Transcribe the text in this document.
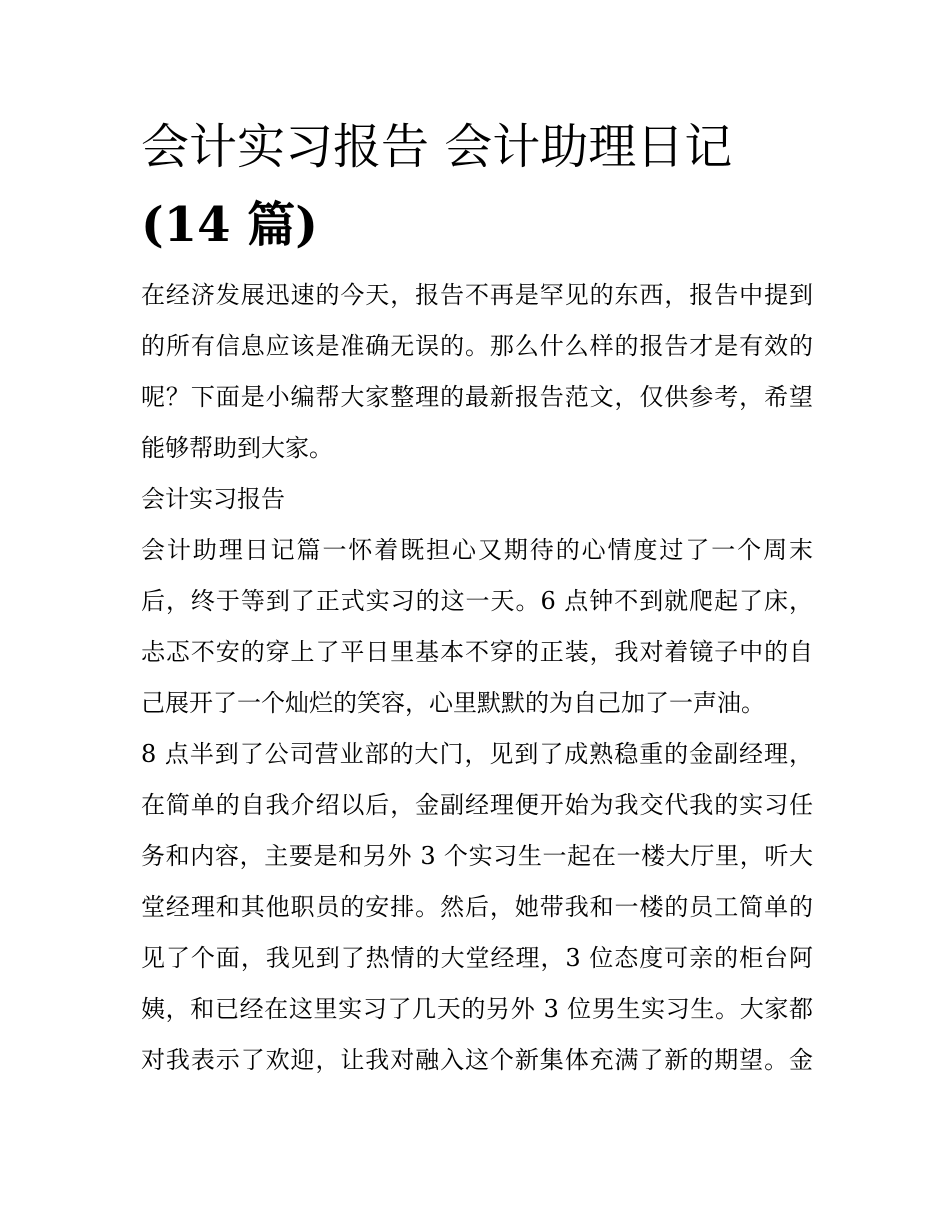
会计实习报告 会计助理日记
(14 篇)
在经济发展迅速的今天，报告不再是罕见的东西，报告中提到
的所有信息应该是准确无误的。那么什么样的报告才是有效的
呢？下面是小编帮大家整理的最新报告范文，仅供参考，希望
能够帮助到大家。
会计实习报告
会计助理日记篇一怀着既担心又期待的心情度过了一个周末
后，终于等到了正式实习的这一天。6 点钟不到就爬起了床，
忐忑不安的穿上了平日里基本不穿的正装，我对着镜子中的自
己展开了一个灿烂的笑容，心里默默的为自己加了一声油。
8 点半到了公司营业部的大门，见到了成熟稳重的金副经理，
在简单的自我介绍以后，金副经理便开始为我交代我的实习任
务和内容，主要是和另外 3 个实习生一起在一楼大厅里，听大
堂经理和其他职员的安排。然后，她带我和一楼的员工简单的
见了个面，我见到了热情的大堂经理，3 位态度可亲的柜台阿
姨，和已经在这里实习了几天的另外 3 位男生实习生。大家都
对我表示了欢迎，让我对融入这个新集体充满了新的期望。金
